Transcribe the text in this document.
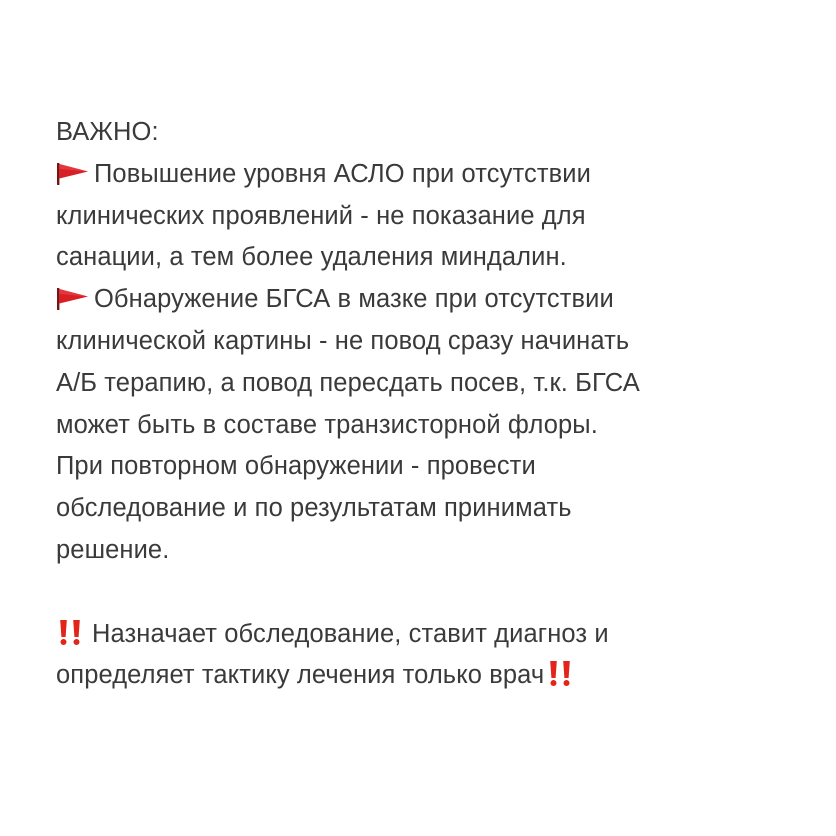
ВАЖНО:
Повышение уровня АСЛО при отсутствии
клинических проявлений - не показание для
санации, а тем более удаления миндалин.
Обнаружение БГСА в мазке при отсутствии
клинической картины - не повод сразу начинать
А/Б терапию, а повод пересдать посев, т.к. БГСА
может быть в составе транзисторной флоры.
При повторном обнаружении - провести
обследование и по результатам принимать
решение.
Назначает обследование, ставит диагноз и
определяет тактику лечения только врач
